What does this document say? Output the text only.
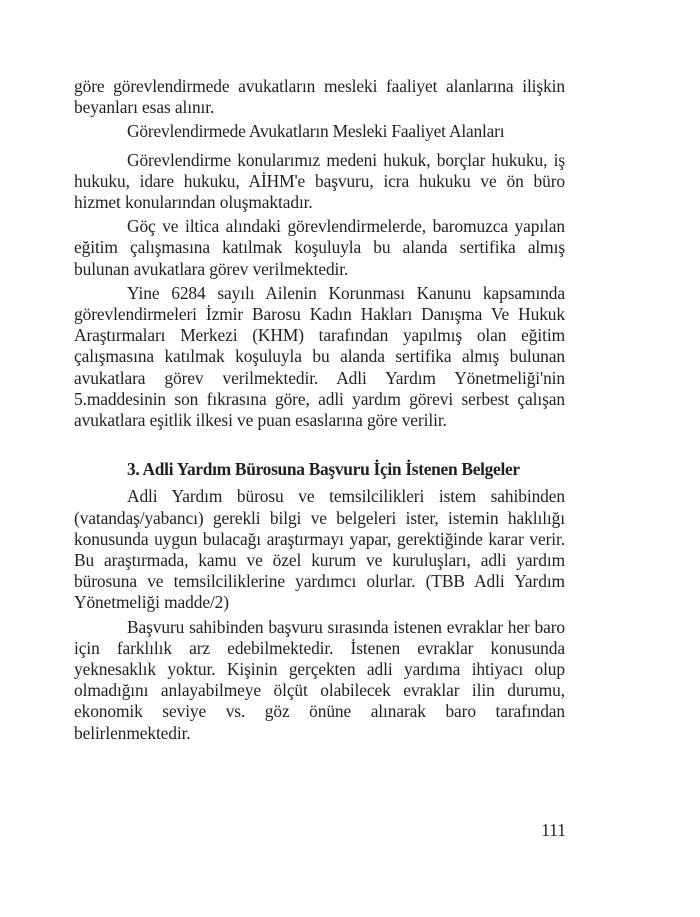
göre görevlendirmede avukatların mesleki faaliyet alanlarına ilişkin beyanları esas alınır.

Görevlendirmede Avukatların Mesleki Faaliyet Alanları

Görevlendirme konularımız medeni hukuk, borçlar hukuku, iş hukuku, idare hukuku, AİHM'e başvuru, icra hukuku ve ön büro hizmet konularından oluşmaktadır.

Göç ve iltica alındaki görevlendirmelerde, baromuzca yapılan eğitim çalışmasına katılmak koşuluyla bu alanda sertifika almış bulunan avukatlara görev verilmektedir.

Yine 6284 sayılı Ailenin Korunması Kanunu kapsamında görevlendirmeleri İzmir Barosu Kadın Hakları Danışma Ve Hukuk Araştırmaları Merkezi (KHM) tarafından yapılmış olan eğitim çalışmasına katılmak koşuluyla bu alanda sertifika almış bulunan avukatlara görev verilmektedir. Adli Yardım Yönetmeliği'nin 5.maddesinin son fıkrasına göre, adli yardım görevi serbest çalışan avukatlara eşitlik ilkesi ve puan esaslarına göre verilir.

3. Adli Yardım Bürosuna Başvuru İçin İstenen Belgeler

Adli Yardım bürosu ve temsilcilikleri istem sahibinden (vatandaş/yabancı) gerekli bilgi ve belgeleri ister, istemin haklılığı konusunda uygun bulacağı araştırmayı yapar, gerektiğinde karar verir. Bu araştırmada, kamu ve özel kurum ve kuruluşları, adli yardım bürosuna ve temsilciliklerine yardımcı olurlar. (TBB Adli Yardım Yönetmeliği madde/2)

Başvuru sahibinden başvuru sırasında istenen evraklar her baro için farklılık arz edebilmektedir. İstenen evraklar konusunda yeknesaklık yoktur. Kişinin gerçekten adli yardıma ihtiyacı olup olmadığını anlayabilmeye ölçüt olabilecek evraklar ilin durumu, ekonomik seviye vs. göz önüne alınarak baro tarafından belirlenmektedir.

111
